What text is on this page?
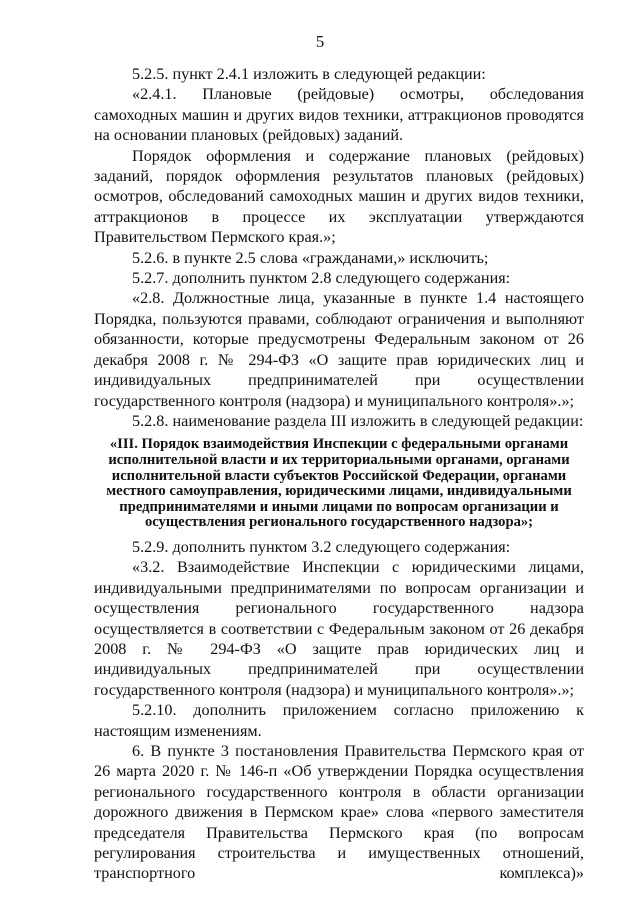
5

5.2.5. пункт 2.4.1 изложить в следующей редакции:

«2.4.1. Плановые (рейдовые) осмотры, обследования самоходных машин и других видов техники, аттракционов проводятся на основании плановых (рейдовых) заданий.

Порядок оформления и содержание плановых (рейдовых) заданий, порядок оформления результатов плановых (рейдовых) осмотров, обследований самоходных машин и других видов техники, аттракционов в процессе их эксплуатации утверждаются Правительством Пермского края.»;

5.2.6. в пункте 2.5 слова «гражданами,» исключить;

5.2.7. дополнить пунктом 2.8 следующего содержания:

«2.8. Должностные лица, указанные в пункте 1.4 настоящего Порядка, пользуются правами, соблюдают ограничения и выполняют обязанности, которые предусмотрены Федеральным законом от 26 декабря 2008 г. № 294-ФЗ «О защите прав юридических лиц и индивидуальных предпринимателей при осуществлении государственного контроля (надзора) и муниципального контроля».»;

5.2.8. наименование раздела III изложить в следующей редакции:

«III. Порядок взаимодействия Инспекции с федеральными органами исполнительной власти и их территориальными органами, органами исполнительной власти субъектов Российской Федерации, органами местного самоуправления, юридическими лицами, индивидуальными предпринимателями и иными лицами по вопросам организации и осуществления регионального государственного надзора»;

5.2.9. дополнить пунктом 3.2 следующего содержания:

«3.2. Взаимодействие Инспекции с юридическими лицами, индивидуальными предпринимателями по вопросам организации и осуществления регионального государственного надзора осуществляется в соответствии с Федеральным законом от 26 декабря 2008 г. № 294-ФЗ «О защите прав юридических лиц и индивидуальных предпринимателей при осуществлении государственного контроля (надзора) и муниципального контроля».»;

5.2.10. дополнить приложением согласно приложению к настоящим изменениям.

6. В пункте 3 постановления Правительства Пермского края от 26 марта 2020 г. № 146-п «Об утверждении Порядка осуществления регионального государственного контроля в области организации дорожного движения в Пермском крае» слова «первого заместителя председателя Правительства Пермского края (по вопросам регулирования строительства и имущественных отношений, транспортного комплекса)»
